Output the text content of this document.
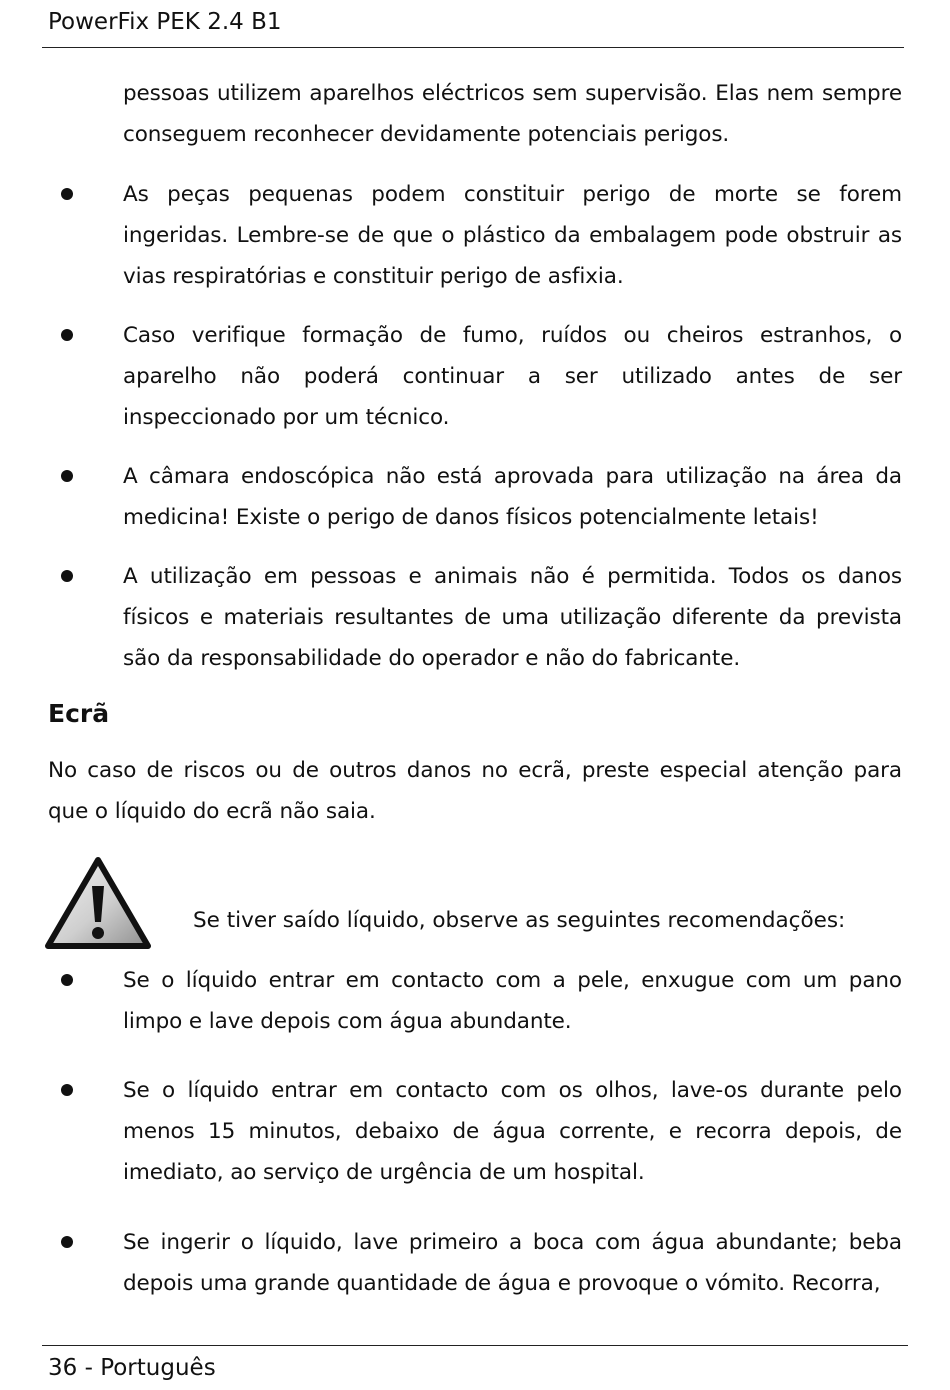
PowerFix PEK 2.4 B1

pessoas utilizem aparelhos eléctricos sem supervisão. Elas nem sempre conseguem reconhecer devidamente potenciais perigos.

As peças pequenas podem constituir perigo de morte se forem ingeridas. Lembre-se de que o plástico da embalagem pode obstruir as vias respiratórias e constituir perigo de asfixia.

Caso verifique formação de fumo, ruídos ou cheiros estranhos, o aparelho não poderá continuar a ser utilizado antes de ser inspeccionado por um técnico.

A câmara endoscópica não está aprovada para utilização na área da medicina! Existe o perigo de danos físicos potencialmente letais!

A utilização em pessoas e animais não é permitida. Todos os danos físicos e materiais resultantes de uma utilização diferente da prevista são da responsabilidade do operador e não do fabricante.

Ecrã

No caso de riscos ou de outros danos no ecrã, preste especial atenção para que o líquido do ecrã não saia.

Se tiver saído líquido, observe as seguintes recomendações:

Se o líquido entrar em contacto com a pele, enxugue com um pano limpo e lave depois com água abundante.

Se o líquido entrar em contacto com os olhos, lave-os durante pelo menos 15 minutos, debaixo de água corrente, e recorra depois, de imediato, ao serviço de urgência de um hospital.

Se ingerir o líquido, lave primeiro a boca com água abundante; beba depois uma grande quantidade de água e provoque o vómito. Recorra,

36 - Português
